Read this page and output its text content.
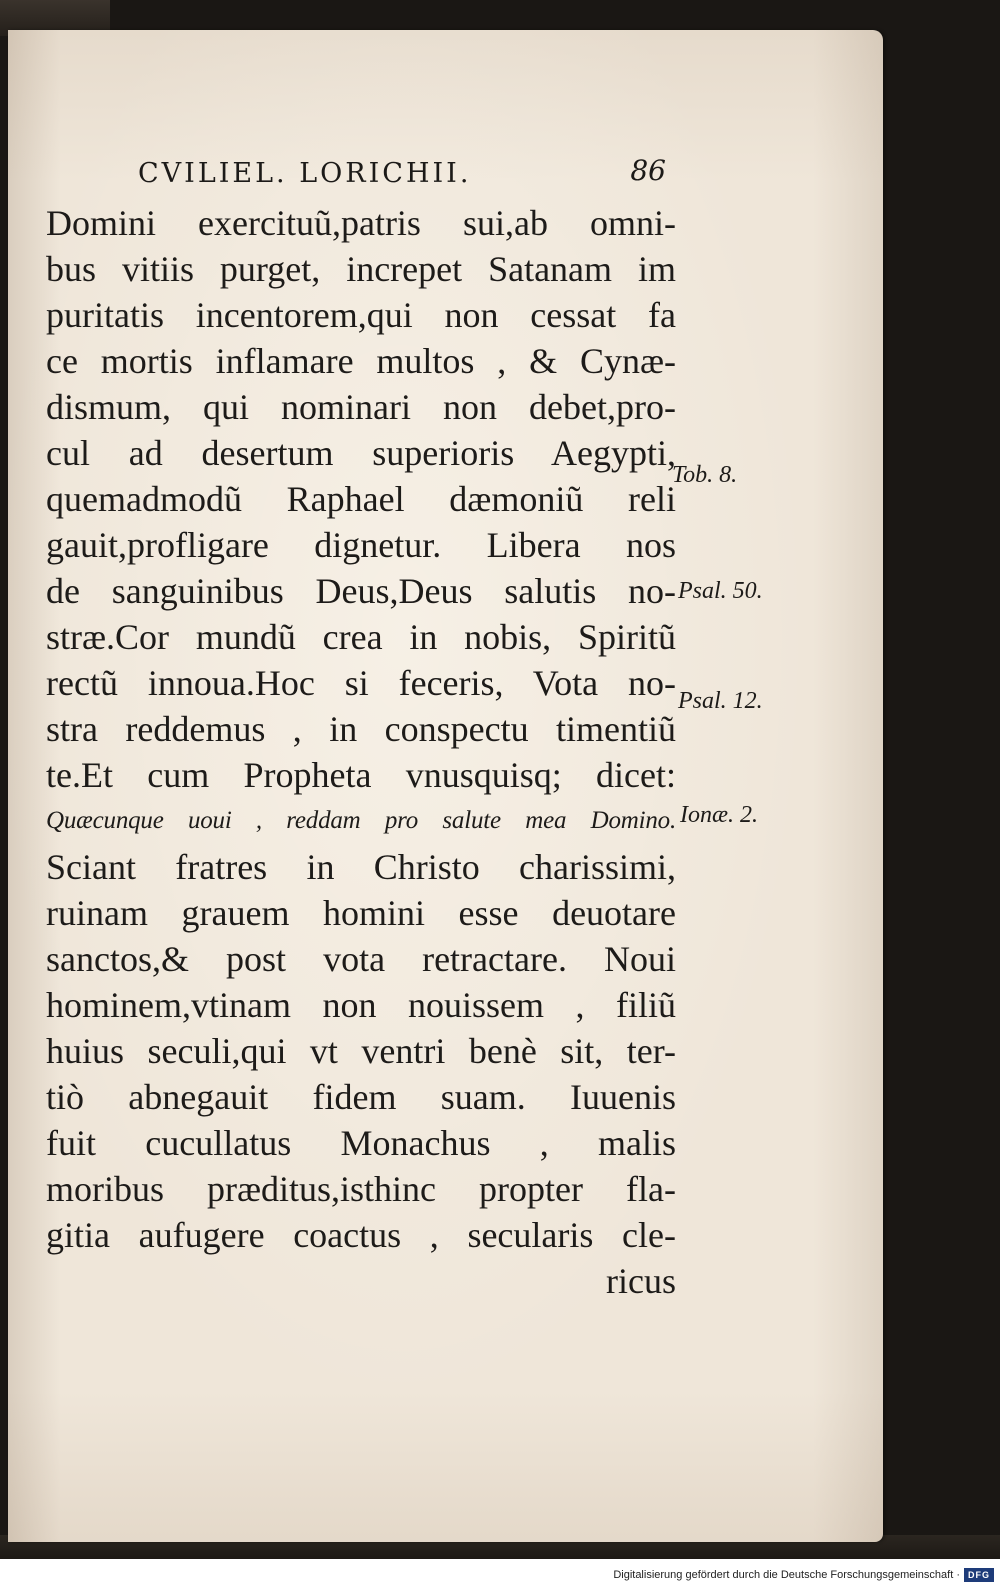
CVILIEL. LORICHII.	86
Domini exercituũ,patris sui,ab omni-
bus vitiis purget, increpet Satanam im
puritatis incentorem,qui non cessat fa
ce mortis inflamare multos , & Cynæ-
dismum, qui nominari non debet,pro-
cul ad desertum superioris Aegypti,
quemadmodũ Raphael dæmoniũ reli
gauit,profligare dignetur. Libera nos
de sanguinibus Deus,Deus salutis no-
stræ.Cor mundũ crea in nobis, Spiritũ
rectũ innoua.Hoc si feceris, Vota no-
stra reddemus , in conspectu timentiũ
te.Et cum Propheta vnusquisq; dicet:
Quæcunque uoui , reddam pro salute mea Domino.
Sciant fratres in Christo charissimi,
ruinam grauem homini esse deuotare
sanctos,& post vota retractare. Noui
hominem,vtinam non nouissem , filiũ
huius seculi,qui vt ventri benè sit, ter-
tiò abnegauit fidem suam. Iuuenis
fuit cucullatus Monachus , malis
moribus præditus,isthinc propter fla-
gitia aufugere coactus , secularis cle-
ricus
Tob. 8.
Psal. 50.
Psal. 12.
Ionæ. 2.
Digitalisierung gefördert durch die Deutsche Forschungsgemeinschaft · DFG
